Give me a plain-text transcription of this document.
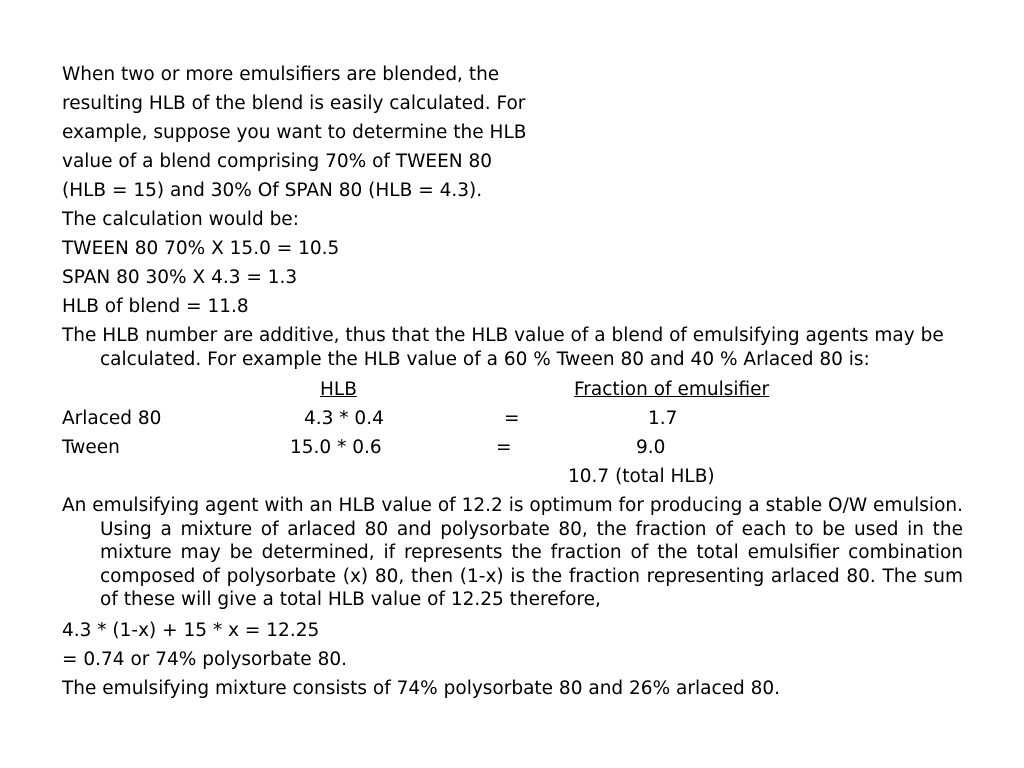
When two or more emulsifiers are blended, the
resulting HLB of the blend is easily calculated. For
example, suppose you want to determine the HLB
value of a blend comprising 70% of TWEEN 80
(HLB = 15) and 30% Of SPAN 80 (HLB = 4.3).
The calculation would be:
TWEEN 80 70% X 15.0 = 10.5
SPAN 80 30% X 4.3 = 1.3
HLB of blend = 11.8
The HLB number are additive, thus that the HLB value of a blend of emulsifying agents may be calculated. For example the HLB value of a 60 % Tween 80 and 40 % Arlaced 80 is:
HLB	Fraction of emulsifier
Arlaced 80	4.3 * 0.4	=	1.7
Tween	15.0 * 0.6	=	9.0
10.7 (total HLB)
An emulsifying agent with an HLB value of 12.2 is optimum for producing a stable O/W emulsion. Using a mixture of arlaced 80 and polysorbate 80, the fraction of each to be used in the mixture may be determined, if represents the fraction of the total emulsifier combination composed of polysorbate (x) 80, then (1-x) is the fraction representing arlaced 80. The sum of these will give a total HLB value of 12.25 therefore,
4.3 * (1-x) + 15 * x = 12.25
= 0.74 or 74% polysorbate 80.
The emulsifying mixture consists of 74% polysorbate 80 and 26% arlaced 80.
